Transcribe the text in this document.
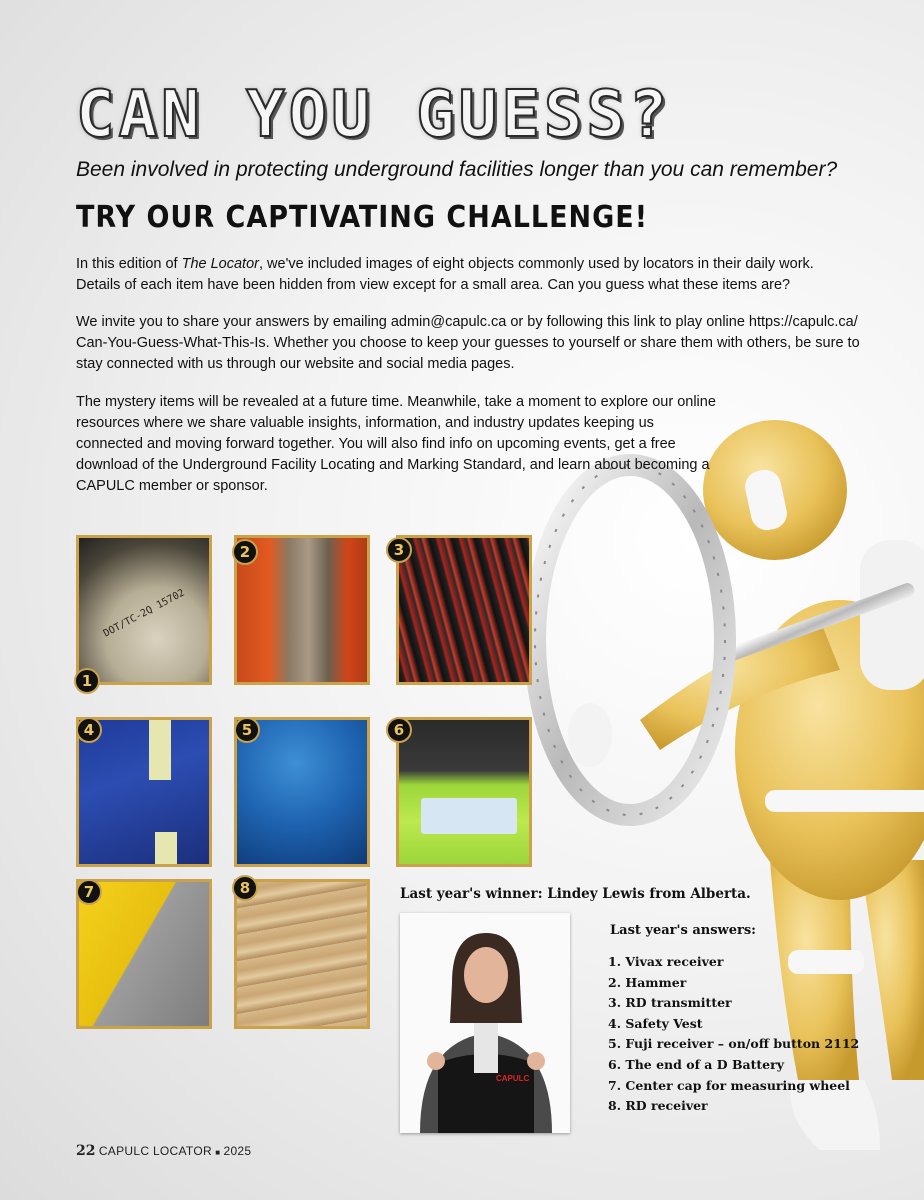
CAN YOU GUESS?

Been involved in protecting underground facilities longer than you can remember?

TRY OUR CAPTIVATING CHALLENGE!

In this edition of The Locator, we've included images of eight objects commonly used by locators in their daily work. Details of each item have been hidden from view except for a small area. Can you guess what these items are?

We invite you to share your answers by emailing admin@capulc.ca or by following this link to play online https://capulc.ca/ Can-You-Guess-What-This-Is. Whether you choose to keep your guesses to yourself or share them with others, be sure to stay connected with us through our website and social media pages.

The mystery items will be revealed at a future time. Meanwhile, take a moment to explore our online resources where we share valuable insights, information, and industry updates keeping us connected and moving forward together. You will also find info on upcoming events, get a free download of the Underground Facility Locating and Marking Standard, and learn about becoming a CAPULC member or sponsor.

DOT/TC-2Q 15702
1
2	3
4	5	6
7	8	Last year's winner: Lindey Lewis from Alberta.

CAPULC

Last year's answers:

1. Vivax receiver
2. Hammer
3. RD transmitter
4. Safety Vest
5. Fuji receiver – on/off button 2112
6. The end of a D Battery
7. Center cap for measuring wheel
8. RD receiver
22 CAPULC LOCATOR ■ 2025
